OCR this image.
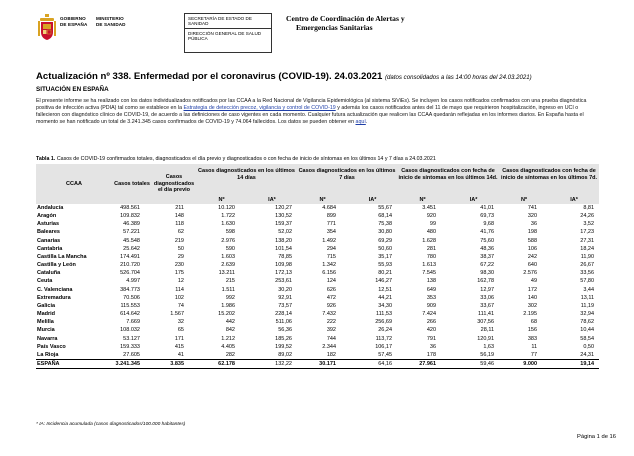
GOBIERNO
DE ESPAÑA
MINISTERIO
DE SANIDAD
SECRETARÍA DE ESTADO DE SANIDAD
DIRECCIÓN GENERAL DE SALUD PÚBLICA
Centro de Coordinación de Alertas y
Emergencias Sanitarias
Actualización nº 338. Enfermedad por el coronavirus (COVID-19). 24.03.2021 (datos consolidados a las 14:00 horas del 24.03.2021)
SITUACIÓN EN ESPAÑA
El presente informe se ha realizado con los datos individualizados notificados por las CCAA a la Red Nacional de Vigilancia Epidemiológica (al sistema SiViEs). Se incluyen los casos notificados confirmados con una prueba diagnóstica positiva de infección activa (PDIA) tal como se establece en la Estrategia de detección precoz, vigilancia y control de COVID-19 y además los casos notificados antes del 11 de mayo que requirieron hospitalización, ingreso en UCI o fallecieron con diagnóstico clínico de COVID-19, de acuerdo a las definiciones de caso vigentes en cada momento. Cualquier futura actualización que realicen las CCAA quedarán reflejadas en los informes diarios. En España hasta el momento se han notificado un total de 3.241.345 casos confirmados de COVID-19 y 74.064 fallecidos. Los datos se pueden obtener en aquí.
Tabla 1. Casos de COVID-19 confirmados totales, diagnosticados el día previo y diagnosticados o con fecha de inicio de síntomas en los últimos 14 y 7 días a 24.03.2021
CCAA	Casos totales	Casos diagnosticados el día previo	Casos diagnosticados en los últimos 14 días		Casos diagnosticados en los últimos 7 días		Casos diagnosticados con fecha de inicio de síntomas en los últimos 14d.		Casos diagnosticados con fecha de inicio de síntomas en los últimos 7d.	
			Nº	IA*	Nº	IA*	Nº	IA*	Nº	IA*
Andalucía	498.561	211	10.120	120,27	4.684	55,67	3.451	41,01	741	8,81
Aragón	109.832	148	1.722	130,52	899	68,14	920	69,73	320	24,26
Asturias	46.389	118	1.630	159,37	771	75,38	99	9,68	36	3,52
Baleares	57.221	62	598	52,02	354	30,80	480	41,76	198	17,23
Canarias	45.548	219	2.976	138,20	1.492	69,29	1.628	75,60	588	27,31
Cantabria	25.642	50	590	101,54	294	50,60	281	48,36	106	18,24
Castilla La Mancha	174.491	29	1.603	78,85	715	35,17	780	38,37	242	11,90
Castilla y León	210.720	230	2.639	109,98	1.342	55,93	1.613	67,22	640	26,67
Cataluña	526.704	175	13.211	172,13	6.156	80,21	7.545	98,30	2.576	33,56
Ceuta	4.997	12	215	253,61	124	146,27	138	162,78	49	57,80
C. Valenciana	384.773	114	1.511	30,20	626	12,51	649	12,97	172	3,44
Extremadura	70.506	102	992	92,91	472	44,21	353	33,06	140	13,11
Galicia	115.553	74	1.986	73,57	926	34,30	909	33,67	302	11,19
Madrid	614.642	1.567	15.202	228,14	7.432	111,53	7.424	111,41	2.195	32,94
Melilla	7.669	32	442	511,06	222	256,69	266	307,56	68	78,62
Murcia	108.032	65	842	56,36	392	26,24	420	28,11	156	10,44
Navarra	53.127	171	1.212	185,26	744	113,72	791	120,91	383	58,54
País Vasco	159.333	415	4.405	199,52	2.344	106,17	36	1,63	11	0,50
La Rioja	27.605	41	282	89,02	182	57,45	178	56,19	77	24,31
ESPAÑA	3.241.345	3.835	62.178	132,22	30.171	64,16	27.961	59,46	9.000	19,14
* IA: Incidencia acumulada (casos diagnosticados/100.000 habitantes)
Página 1 de 16
